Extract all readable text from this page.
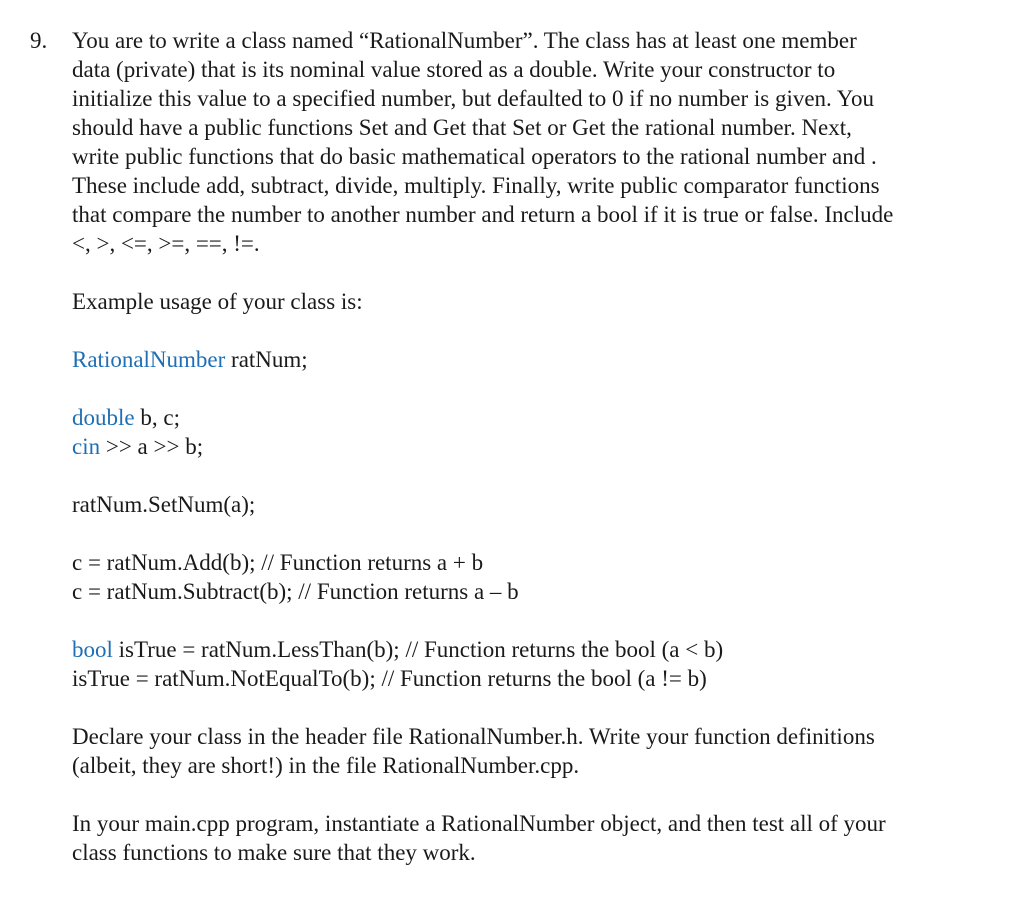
9. You are to write a class named “RationalNumber”. The class has at least one member
data (private) that is its nominal value stored as a double. Write your constructor to
initialize this value to a specified number, but defaulted to 0 if no number is given. You
should have a public functions Set and Get that Set or Get the rational number. Next,
write public functions that do basic mathematical operators to the rational number and .
These include add, subtract, divide, multiply. Finally, write public comparator functions
that compare the number to another number and return a bool if it is true or false. Include
<, >, <=, >=, ==, !=.
Example usage of your class is:
RationalNumber ratNum;
double b, c;
cin >> a >> b;
ratNum.SetNum(a);
c = ratNum.Add(b); // Function returns a + b
c = ratNum.Subtract(b); // Function returns a – b
bool isTrue = ratNum.LessThan(b); // Function returns the bool (a < b)
isTrue = ratNum.NotEqualTo(b); // Function returns the bool (a != b)
Declare your class in the header file RationalNumber.h. Write your function definitions
(albeit, they are short!) in the file RationalNumber.cpp.
In your main.cpp program, instantiate a RationalNumber object, and then test all of your
class functions to make sure that they work.
